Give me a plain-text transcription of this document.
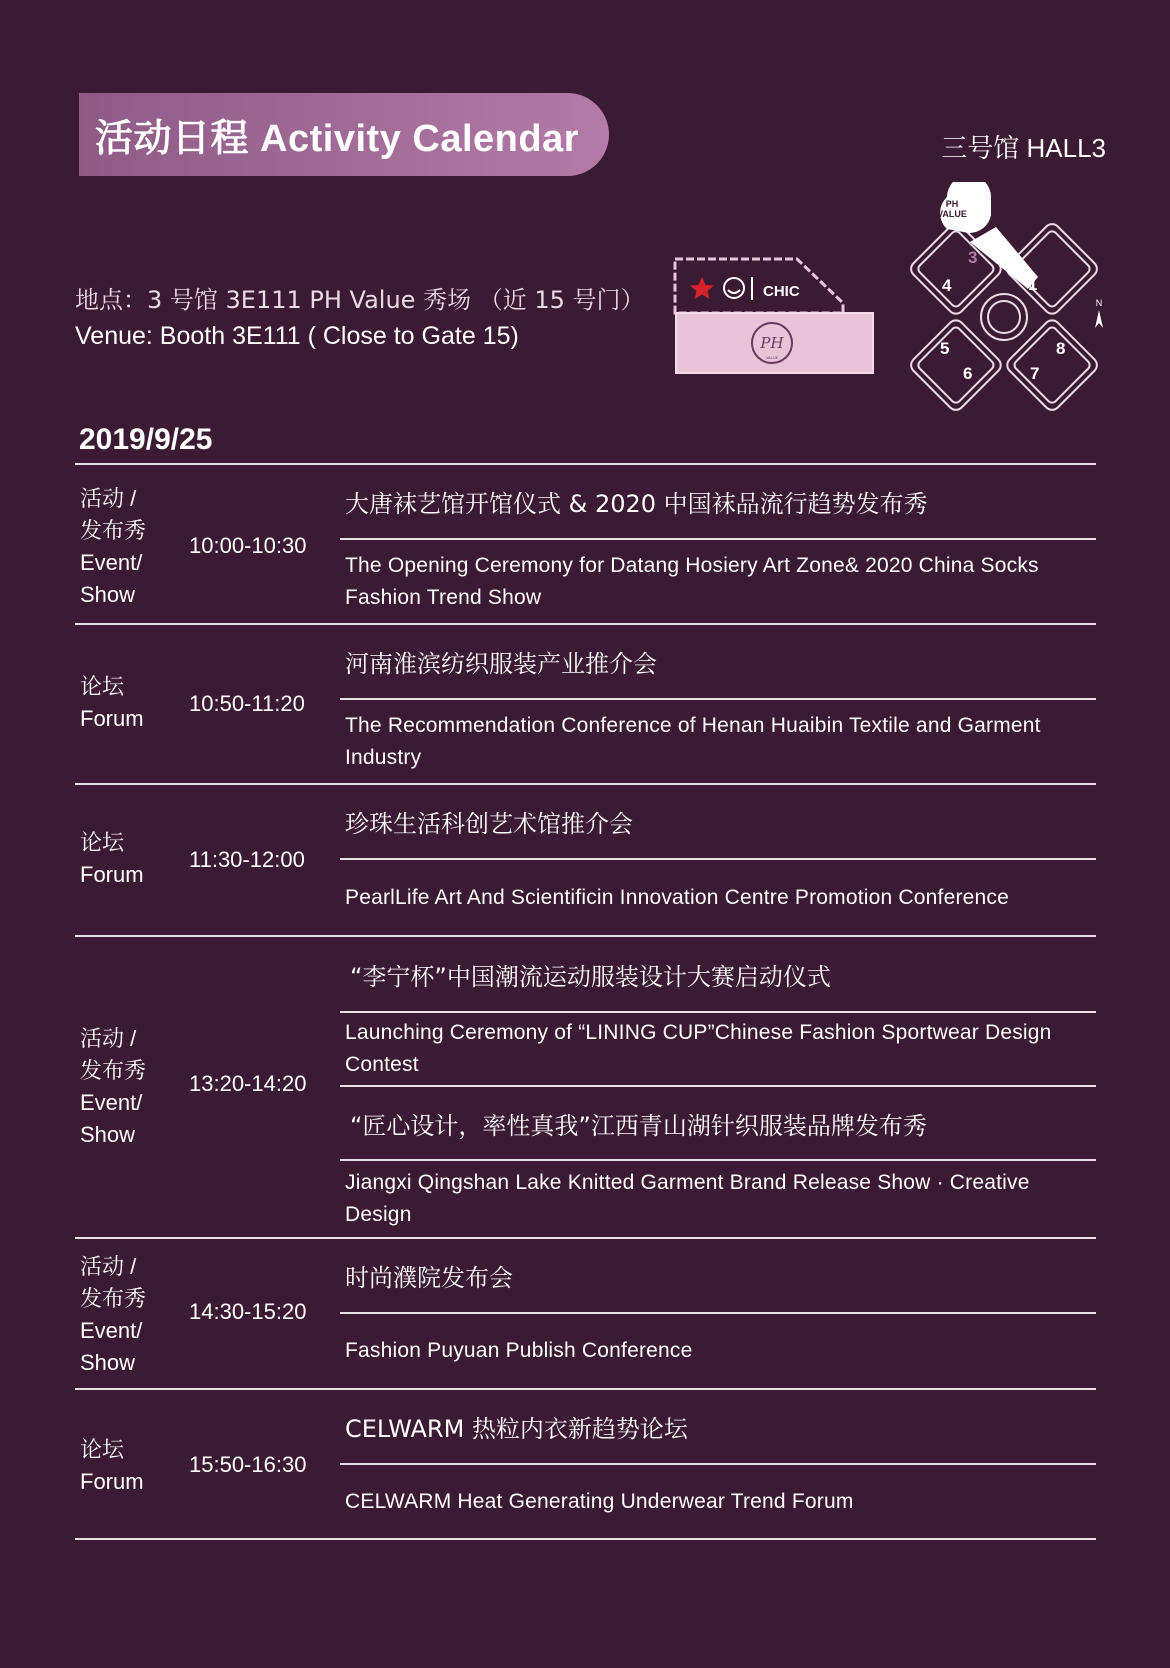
活动日程 Activity Calendar	三号馆 HALL3
地点：3 号馆 3E111 PH Value 秀场 （近 15 号门）
Venue: Booth 3E111 ( Close to Gate 15)
CHIC
PH
VALUE
PH
VALUE
1
2
3
4
5
6	7
8
N
2019/9/25
活动 /
发布秀
Event/
Show
10:00-10:30
大唐袜艺馆开馆仪式 & 2020 中国袜品流行趋势发布秀
The Opening Ceremony for Datang Hosiery Art Zone& 2020 China Socks Fashion Trend Show
论坛
Forum
10:50-11:20
河南淮滨纺织服装产业推介会
The Recommendation Conference of Henan Huaibin Textile and Garment Industry
论坛
Forum
11:30-12:00
珍珠生活科创艺术馆推介会
PearlLife Art And Scientificin Innovation Centre Promotion Conference
活动 /
发布秀
Event/
Show
13:20-14:20
“李宁杯”中国潮流运动服装设计大赛启动仪式
Launching Ceremony of “LINING CUP”Chinese Fashion Sportwear Design Contest
“匠心设计，率性真我”江西青山湖针织服装品牌发布秀
Jiangxi Qingshan Lake Knitted Garment Brand Release Show · Creative Design
活动 /
发布秀
Event/
Show
14:30-15:20
时尚濮院发布会
Fashion Puyuan Publish Conference
论坛
Forum
15:50-16:30
CELWARM 热粒内衣新趋势论坛
CELWARM Heat Generating Underwear Trend Forum
